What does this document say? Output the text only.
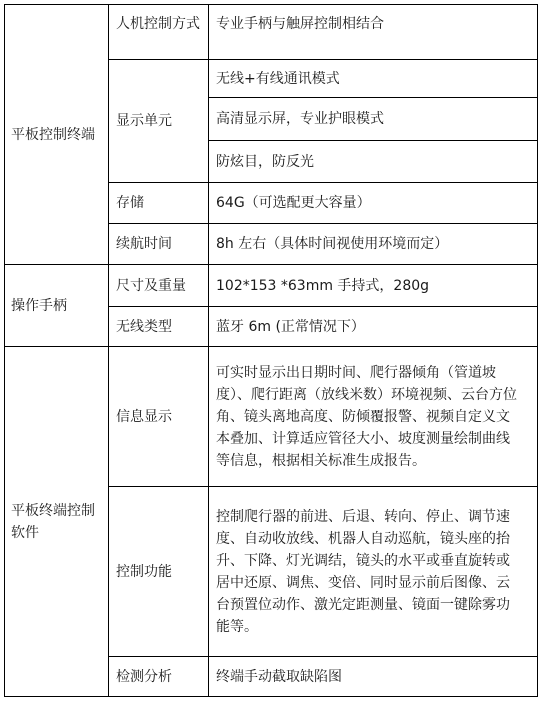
平板控制终端	人机控制方式	专业手柄与触屏控制相结合
	显示单元	无线+有线通讯模式
		高清显示屏，专业护眼模式
		防炫目，防反光
	存储	64G（可选配更大容量）
	续航时间	8h 左右（具体时间视使用环境而定）
操作手柄	尺寸及重量	102*153 *63mm 手持式，280g
	无线类型	蓝牙 6m (正常情况下）
平板终端控制软件	信息显示	可实时显示出日期时间、爬行器倾角（管道坡度）、爬行距离（放线米数）环境视频、云台方位角、镜头离地高度、防倾覆报警、视频自定义文本叠加、计算适应管径大小、坡度测量绘制曲线等信息，根据相关标准生成报告。
	控制功能	控制爬行器的前进、后退、转向、停止、调节速度、自动收放线、机器人自动巡航，镜头座的抬升、下降、灯光调结，镜头的水平或垂直旋转或居中还原、调焦、变倍、同时显示前后图像、云台预置位动作、激光定距测量、镜面一键除雾功能等。
	检测分析	终端手动截取缺陷图
